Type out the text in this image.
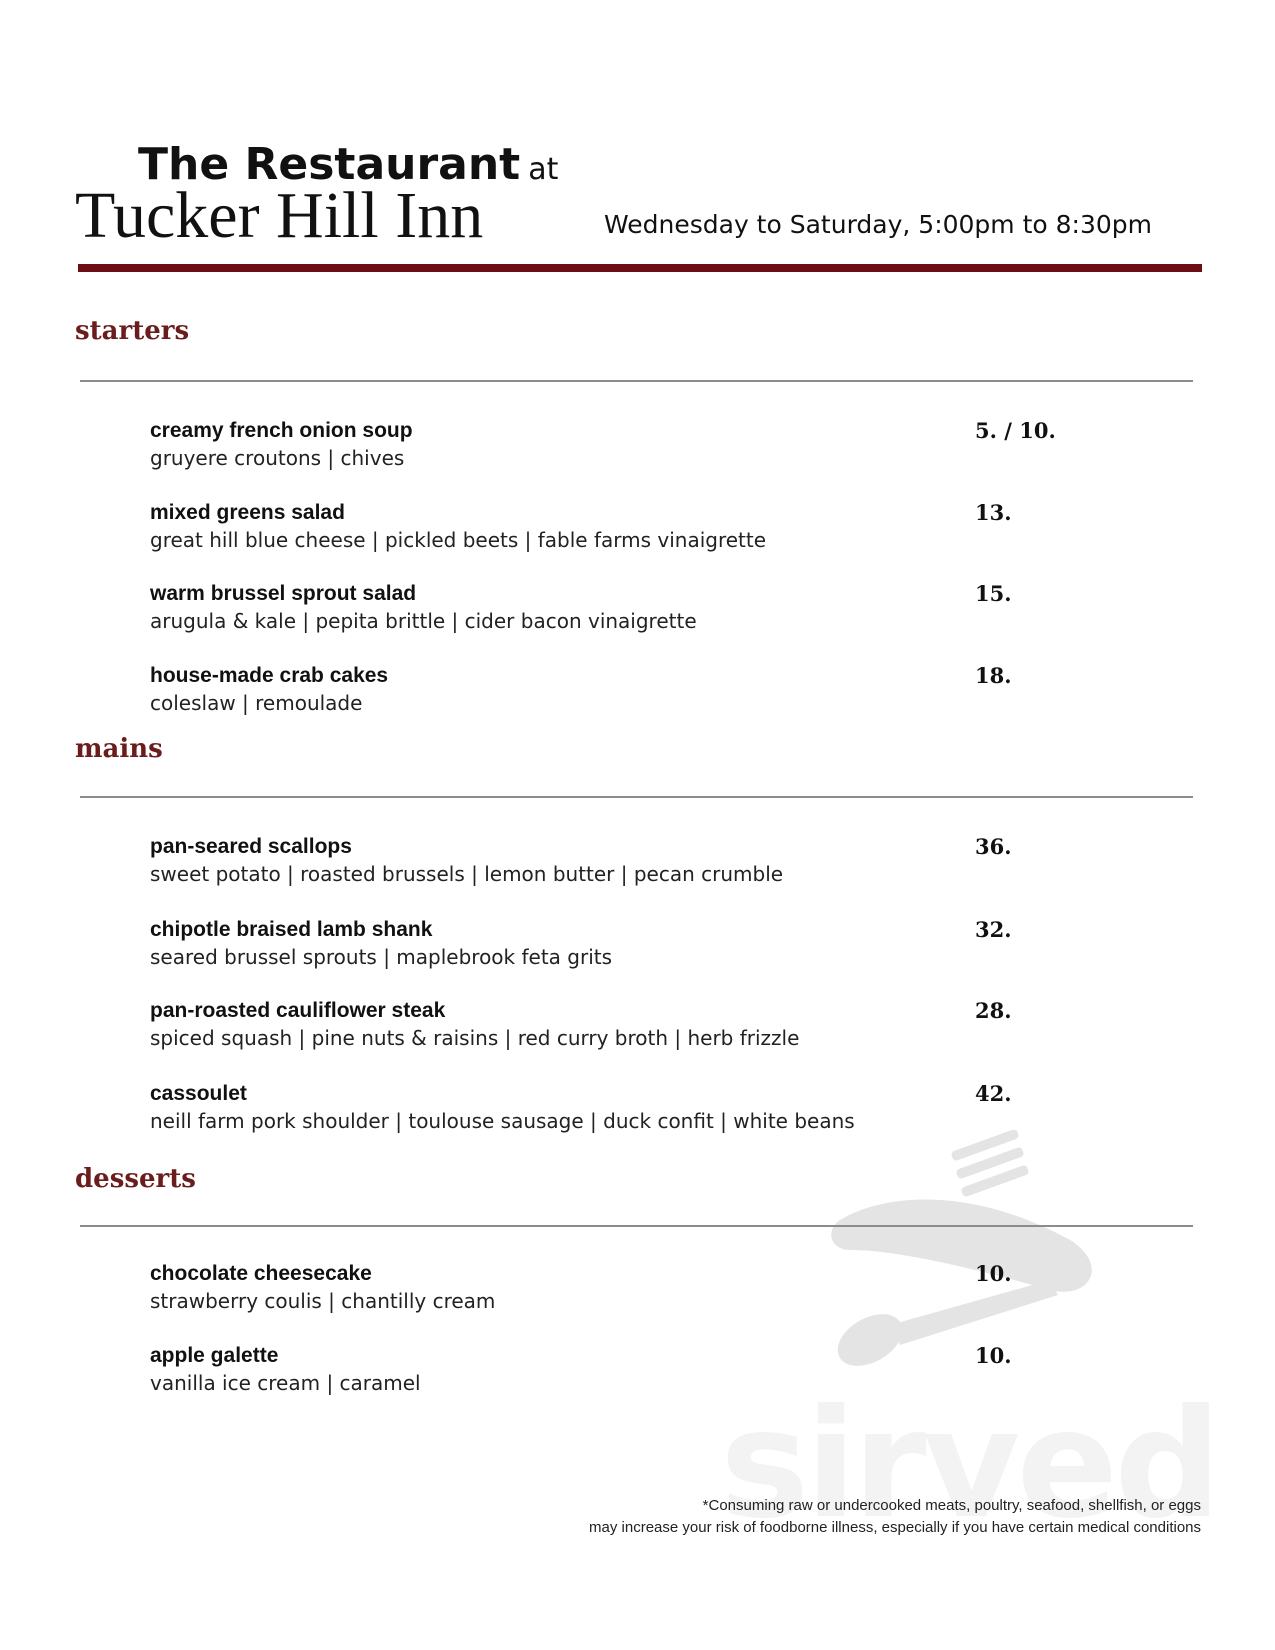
The Restaurant at
Tucker Hill Inn	Wednesday to Saturday, 5:00pm to 8:30pm
starters
creamy french onion soup
gruyere croutons | chives
5. / 10.
mixed greens salad
great hill blue cheese | pickled beets | fable farms vinaigrette
13.
warm brussel sprout salad
arugula & kale | pepita brittle | cider bacon vinaigrette
15.
house-made crab cakes
coleslaw | remoulade
18.
mains
pan-seared scallops
sweet potato | roasted brussels | lemon butter | pecan crumble
36.
chipotle braised lamb shank
seared brussel sprouts | maplebrook feta grits
32.
pan-roasted cauliflower steak
spiced squash | pine nuts & raisins | red curry broth | herb frizzle
28.
cassoulet
neill farm pork shoulder | toulouse sausage | duck confit | white beans
42.
desserts
chocolate cheesecake
strawberry coulis | chantilly cream
10.
apple galette
vanilla ice cream | caramel
10.
*Consuming raw or undercooked meats, poultry, seafood, shellfish, or eggs
may increase your risk of foodborne illness, especially if you have certain medical conditions
